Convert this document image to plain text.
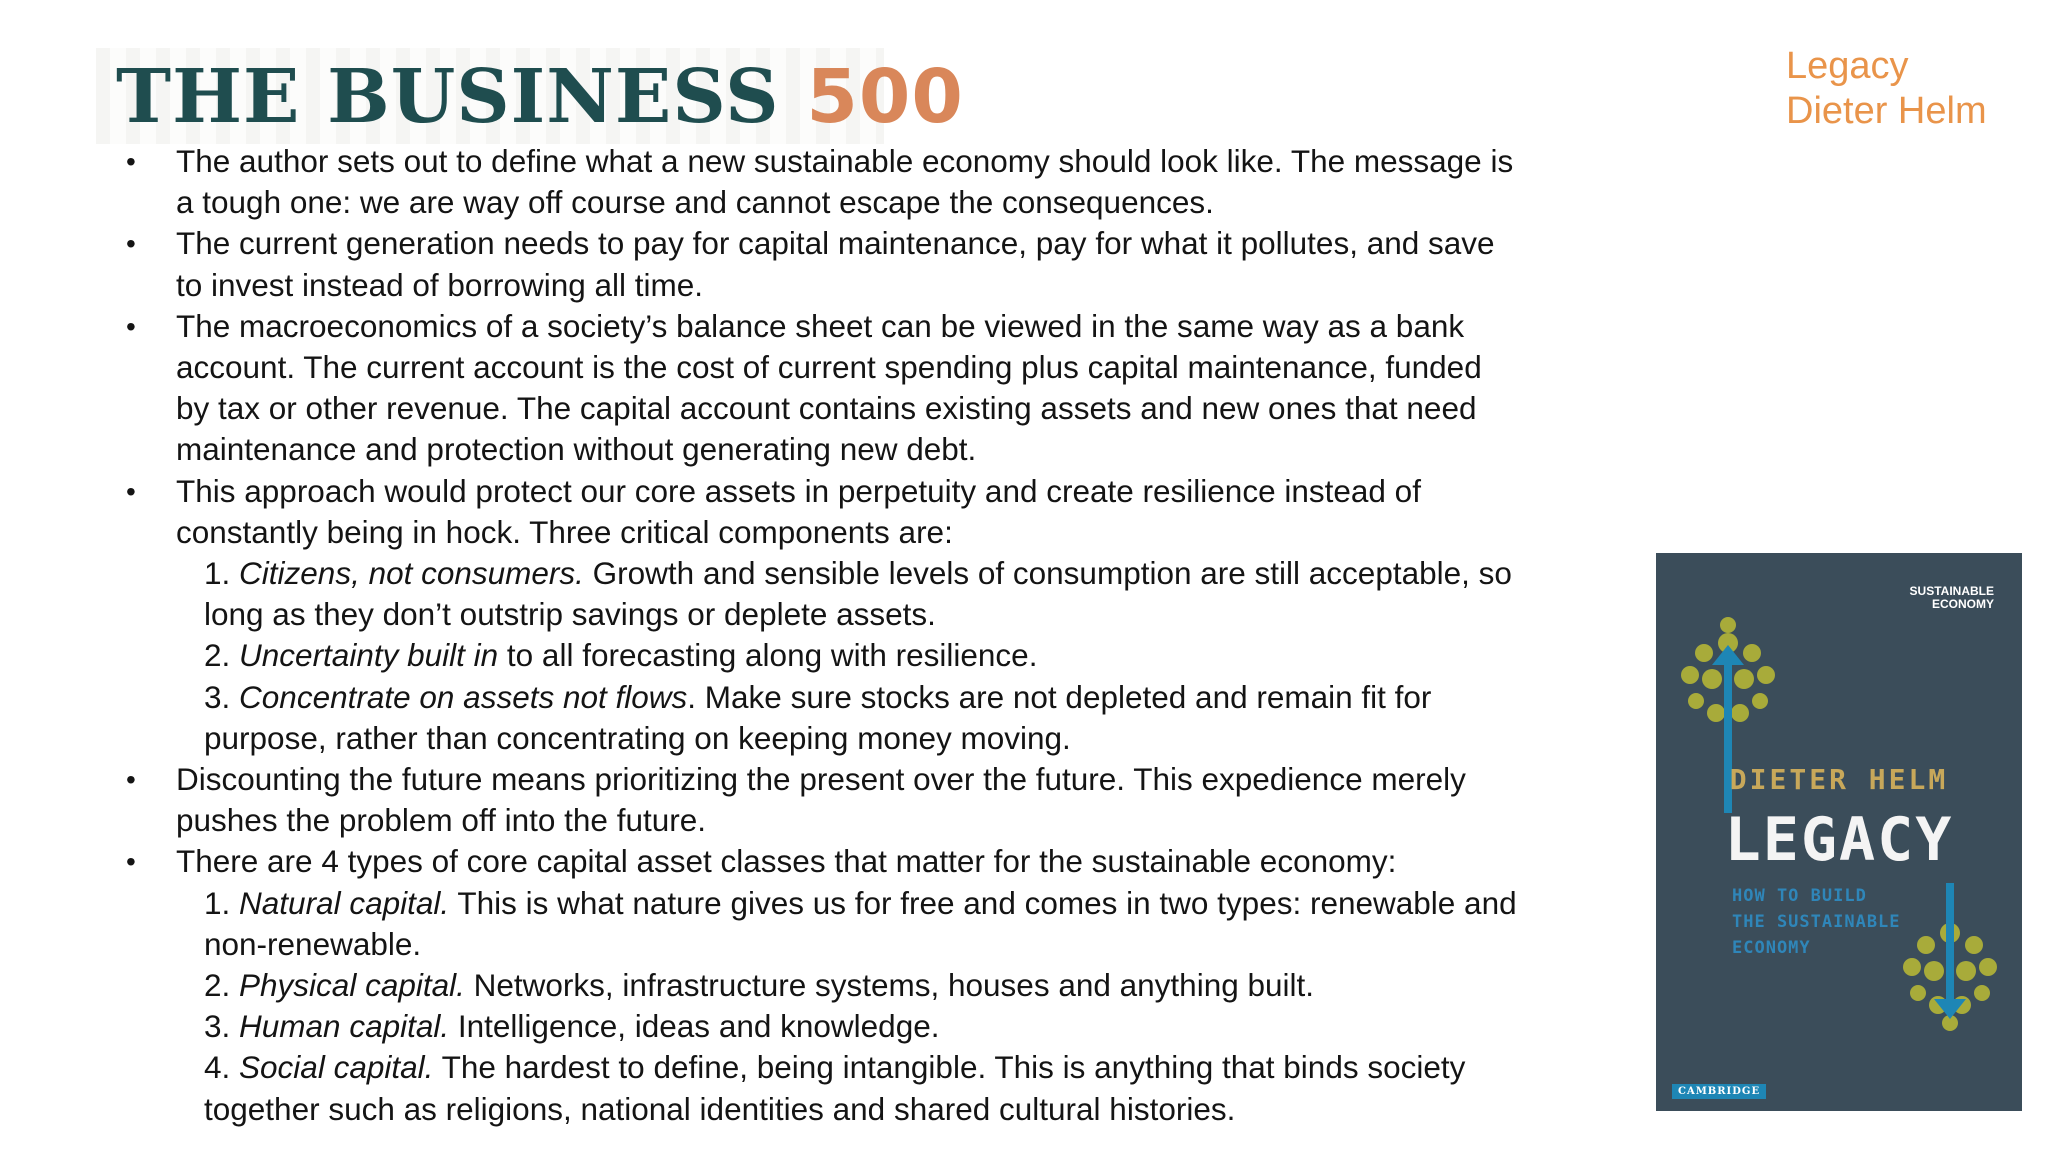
THE BUSINESS 500	Legacy
Dieter Helm
• The author sets out to define what a new sustainable economy should look like. The message is
a tough one: we are way off course and cannot escape the consequences.
• The current generation needs to pay for capital maintenance, pay for what it pollutes, and save
to invest instead of borrowing all time.
• The macroeconomics of a society’s balance sheet can be viewed in the same way as a bank
account. The current account is the cost of current spending plus capital maintenance, funded
by tax or other revenue. The capital account contains existing assets and new ones that need
maintenance and protection without generating new debt.
• This approach would protect our core assets in perpetuity and create resilience instead of
constantly being in hock. Three critical components are:
1. Citizens, not consumers. Growth and sensible levels of consumption are still acceptable, so
long as they don’t outstrip savings or deplete assets.
2. Uncertainty built in to all forecasting along with resilience.
3. Concentrate on assets not flows. Make sure stocks are not depleted and remain fit for
purpose, rather than concentrating on keeping money moving.
• Discounting the future means prioritizing the present over the future. This expedience merely
pushes the problem off into the future.
• There are 4 types of core capital asset classes that matter for the sustainable economy:
1. Natural capital. This is what nature gives us for free and comes in two types: renewable and
non-renewable.
2. Physical capital. Networks, infrastructure systems, houses and anything built.
3. Human capital. Intelligence, ideas and knowledge.
4. Social capital. The hardest to define, being intangible. This is anything that binds society
together such as religions, national identities and shared cultural histories.
SUSTAINABLE
ECONOMY
DIETER HELM
LEGACY
HOW TO BUILD
THE SUSTAINABLE
ECONOMY
CAMBRIDGE
